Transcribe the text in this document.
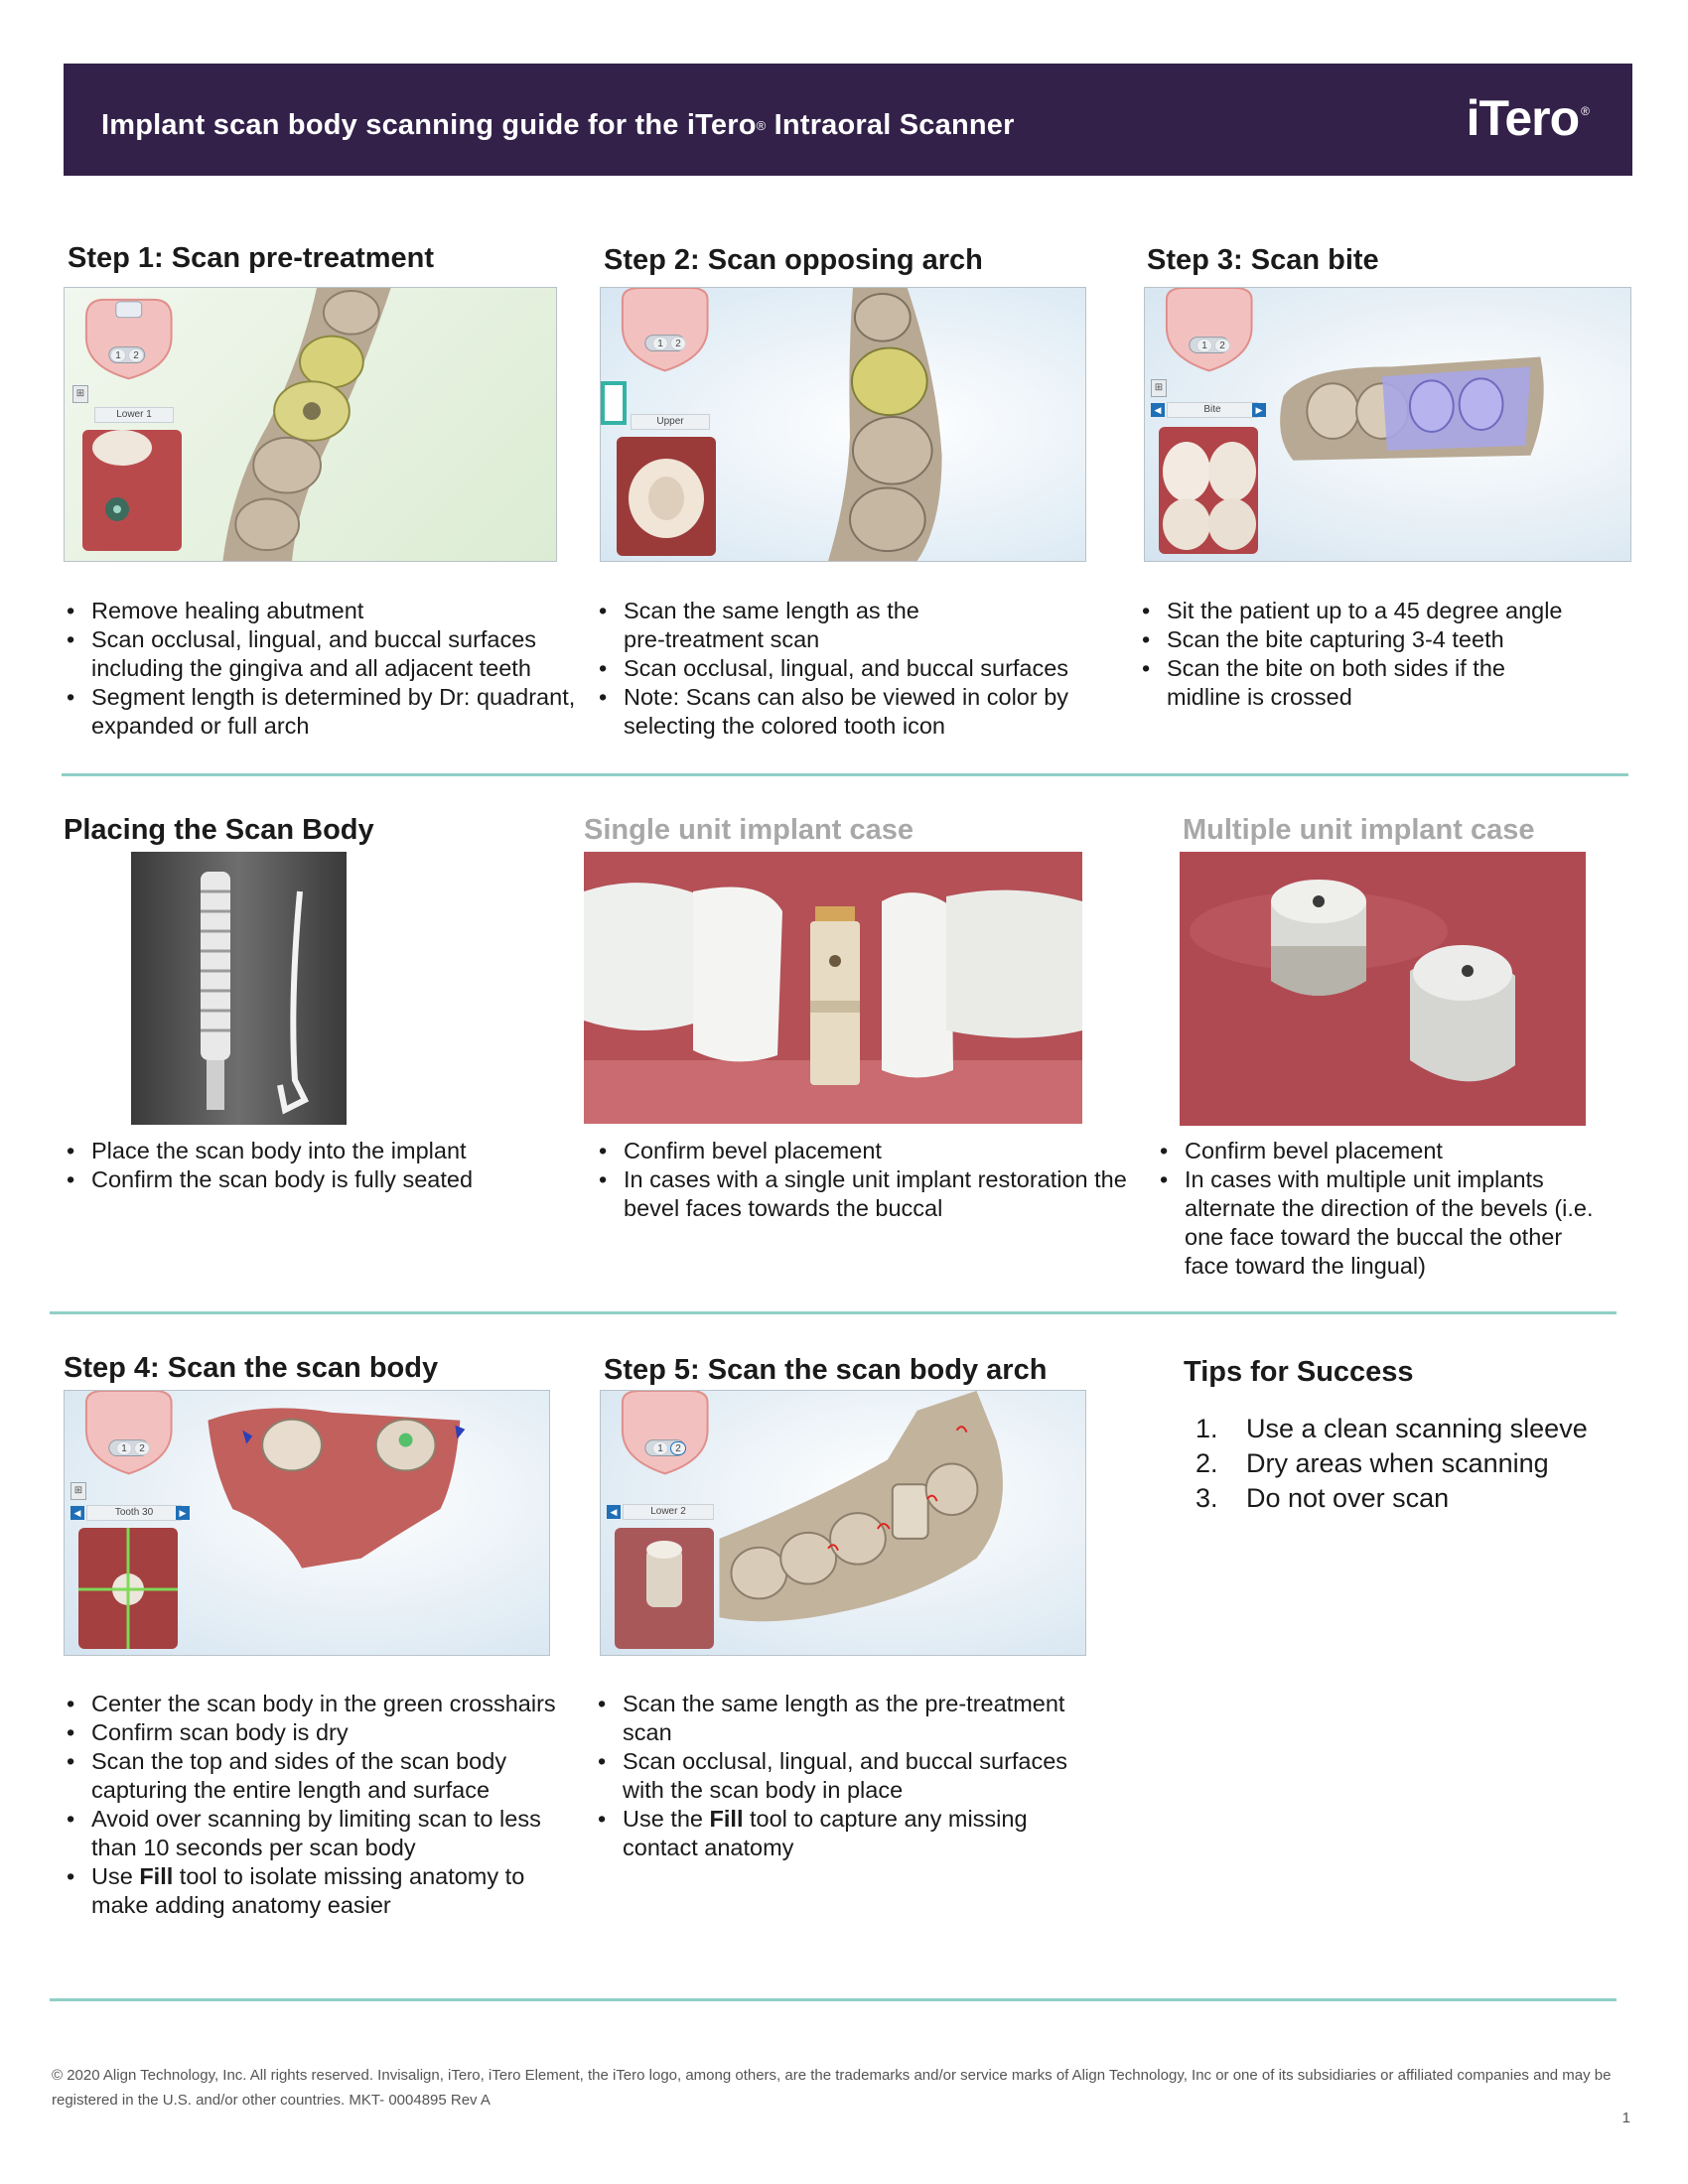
Implant scan body scanning guide for the iTero® Intraoral Scanner	iTero ®
Step 1: Scan pre-treatment	Step 2: Scan opposing arch	Step 3: Scan bite
1	2
⊞
Lower 1
1	2
Upper
1	2
⊞
◀	Bite	▶
• Remove healing abutment
• Scan occlusal, lingual, and buccal surfaces including the gingiva and all adjacent teeth
• Segment length is determined by Dr: quadrant, expanded or full arch
• Scan the same length as the pre-treatment scan
• Scan occlusal, lingual, and buccal surfaces
• Note: Scans can also be viewed in color by selecting the colored tooth icon
• Sit the patient up to a 45 degree angle
• Scan the bite capturing 3-4 teeth
• Scan the bite on both sides if the midline is crossed
Placing the Scan Body	Single unit implant case	Multiple unit implant case
• Place the scan body into the implant
• Confirm the scan body is fully seated
• Confirm bevel placement
• In cases with a single unit implant restoration the bevel faces towards the buccal
• Confirm bevel placement
• In cases with multiple unit implants alternate the direction of the bevels (i.e. one face toward the buccal the other face toward the lingual)
Step 4: Scan the scan body	Step 5: Scan the scan body arch	Tips for Success
1	2
⊞
◀	Tooth 30	▶
1	2
◀	Lower 2
• Center the scan body in the green crosshairs
• Confirm scan body is dry
• Scan the top and sides of the scan body capturing the entire length and surface
• Avoid over scanning by limiting scan to less than 10 seconds per scan body
• Use Fill tool to isolate missing anatomy to make adding anatomy easier
• Scan the same length as the pre-treatment scan
• Scan occlusal, lingual, and buccal surfaces with the scan body in place
• Use the Fill tool to capture any missing contact anatomy
1. Use a clean scanning sleeve
2. Dry areas when scanning
3. Do not over scan
© 2020 Align Technology, Inc. All rights reserved. Invisalign, iTero, iTero Element, the iTero logo, among others, are the trademarks and/or service marks of Align Technology, Inc or one of its subsidiaries or affiliated companies and may be registered in the U.S. and/or other countries. MKT- 0004895 Rev A
1
